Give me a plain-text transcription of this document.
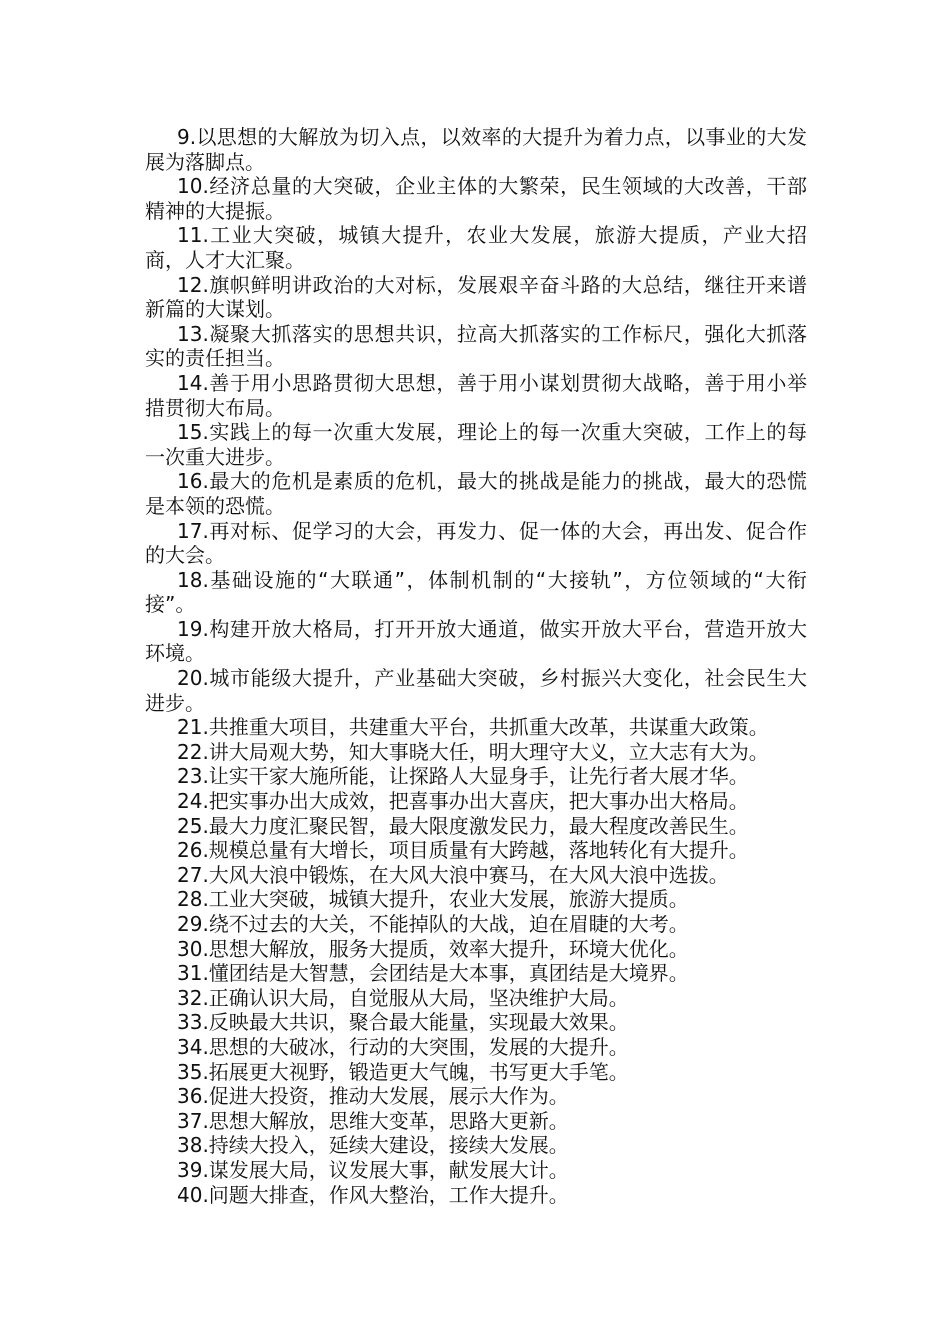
9.以思想的大解放为切入点，以效率的大提升为着力点，以事业的大发展为落脚点。

10.经济总量的大突破，企业主体的大繁荣，民生领域的大改善，干部精神的大提振。

11.工业大突破，城镇大提升，农业大发展，旅游大提质，产业大招商，人才大汇聚。

12.旗帜鲜明讲政治的大对标，发展艰辛奋斗路的大总结，继往开来谱新篇的大谋划。

13.凝聚大抓落实的思想共识，拉高大抓落实的工作标尺，强化大抓落实的责任担当。

14.善于用小思路贯彻大思想，善于用小谋划贯彻大战略，善于用小举措贯彻大布局。

15.实践上的每一次重大发展，理论上的每一次重大突破，工作上的每一次重大进步。

16.最大的危机是素质的危机，最大的挑战是能力的挑战，最大的恐慌是本领的恐慌。

17.再对标、促学习的大会，再发力、促一体的大会，再出发、促合作的大会。

18.基础设施的“大联通”，体制机制的“大接轨”，方位领域的“大衔接”。

19.构建开放大格局，打开开放大通道，做实开放大平台，营造开放大环境。

20.城市能级大提升，产业基础大突破，乡村振兴大变化，社会民生大进步。

21.共推重大项目，共建重大平台，共抓重大改革，共谋重大政策。

22.讲大局观大势，知大事晓大任，明大理守大义，立大志有大为。

23.让实干家大施所能，让探路人大显身手，让先行者大展才华。

24.把实事办出大成效，把喜事办出大喜庆，把大事办出大格局。

25.最大力度汇聚民智，最大限度激发民力，最大程度改善民生。

26.规模总量有大增长，项目质量有大跨越，落地转化有大提升。

27.大风大浪中锻炼，在大风大浪中赛马，在大风大浪中选拔。

28.工业大突破，城镇大提升，农业大发展，旅游大提质。

29.绕不过去的大关，不能掉队的大战，迫在眉睫的大考。

30.思想大解放，服务大提质，效率大提升，环境大优化。

31.懂团结是大智慧，会团结是大本事，真团结是大境界。

32.正确认识大局，自觉服从大局，坚决维护大局。

33.反映最大共识，聚合最大能量，实现最大效果。

34.思想的大破冰，行动的大突围，发展的大提升。

35.拓展更大视野，锻造更大气魄，书写更大手笔。

36.促进大投资，推动大发展，展示大作为。

37.思想大解放，思维大变革，思路大更新。

38.持续大投入，延续大建设，接续大发展。

39.谋发展大局，议发展大事，献发展大计。

40.问题大排查，作风大整治，工作大提升。
